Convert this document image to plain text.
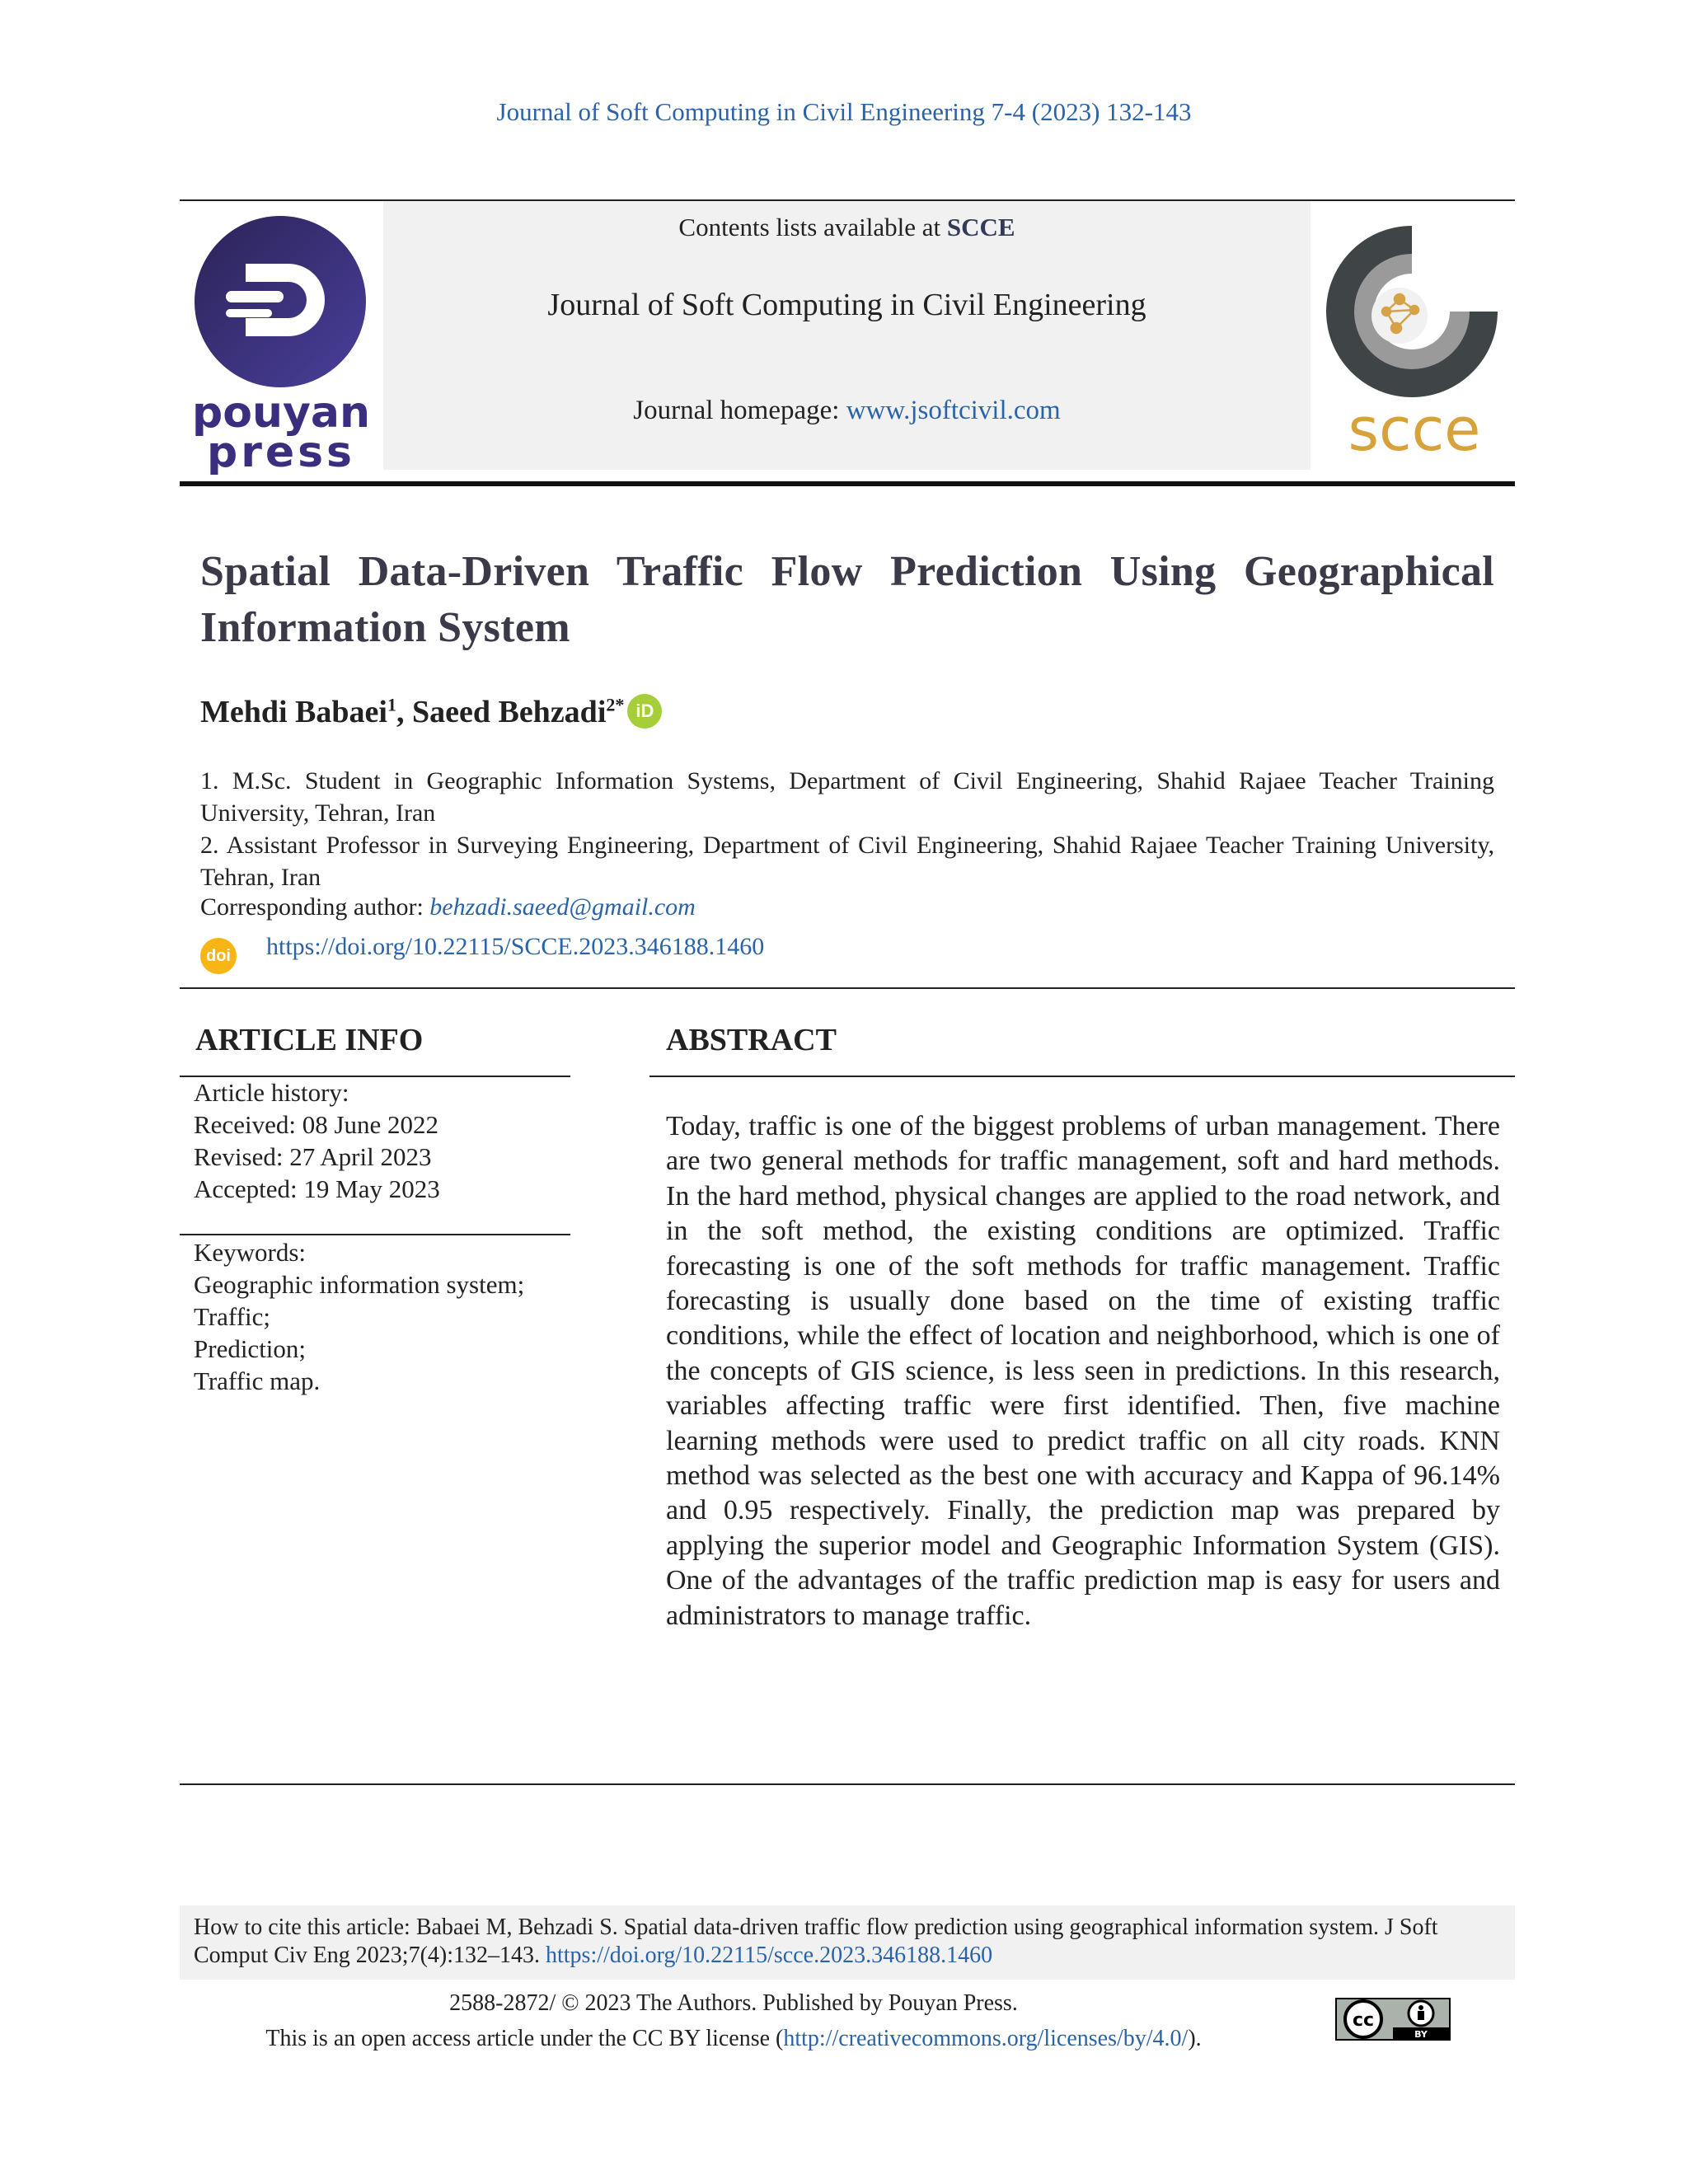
Journal of Soft Computing in Civil Engineering 7-4 (2023) 132-143
Contents lists available at SCCE
Journal of Soft Computing in Civil Engineering
Journal homepage: www.jsoftcivil.com
pouyan
press	scce
Spatial Data-Driven Traffic Flow Prediction Using Geographical Information System
Mehdi Babaei$^1$, Saeed Behzadi$^{2*}$ iD
1. M.Sc. Student in Geographic Information Systems, Department of Civil Engineering, Shahid Rajaee Teacher Training University, Tehran, Iran
2. Assistant Professor in Surveying Engineering, Department of Civil Engineering, Shahid Rajaee Teacher Training University, Tehran, Iran
Corresponding author: behzadi.saeed@gmail.com
doi https://doi.org/10.22115/SCCE.2023.346188.1460
ARTICLE INFO
Article history:
Received: 08 June 2022
Revised: 27 April 2023
Accepted: 19 May 2023
Keywords:
Geographic information system;
Traffic;
Prediction;
Traffic map.
ABSTRACT
Today, traffic is one of the biggest problems of urban management. There are two general methods for traffic management, soft and hard methods. In the hard method, physical changes are applied to the road network, and in the soft method, the existing conditions are optimized. Traffic forecasting is one of the soft methods for traffic management. Traffic forecasting is usually done based on the time of existing traffic conditions, while the effect of location and neighborhood, which is one of the concepts of GIS science, is less seen in predictions. In this research, variables affecting traffic were first identified. Then, five machine learning methods were used to predict traffic on all city roads. KNN method was selected as the best one with accuracy and Kappa of 96.14% and 0.95 respectively. Finally, the prediction map was prepared by applying the superior model and Geographic Information System (GIS). One of the advantages of the traffic prediction map is easy for users and administrators to manage traffic.
How to cite this article: Babaei M, Behzadi S. Spatial data-driven traffic flow prediction using geographical information system. J Soft Comput Civ Eng 2023;7(4):132–143. https://doi.org/10.22115/scce.2023.346188.1460
2588-2872/ © 2023 The Authors. Published by Pouyan Press.
This is an open access article under the CC BY license (http://creativecommons.org/licenses/by/4.0/).
cc
BY
